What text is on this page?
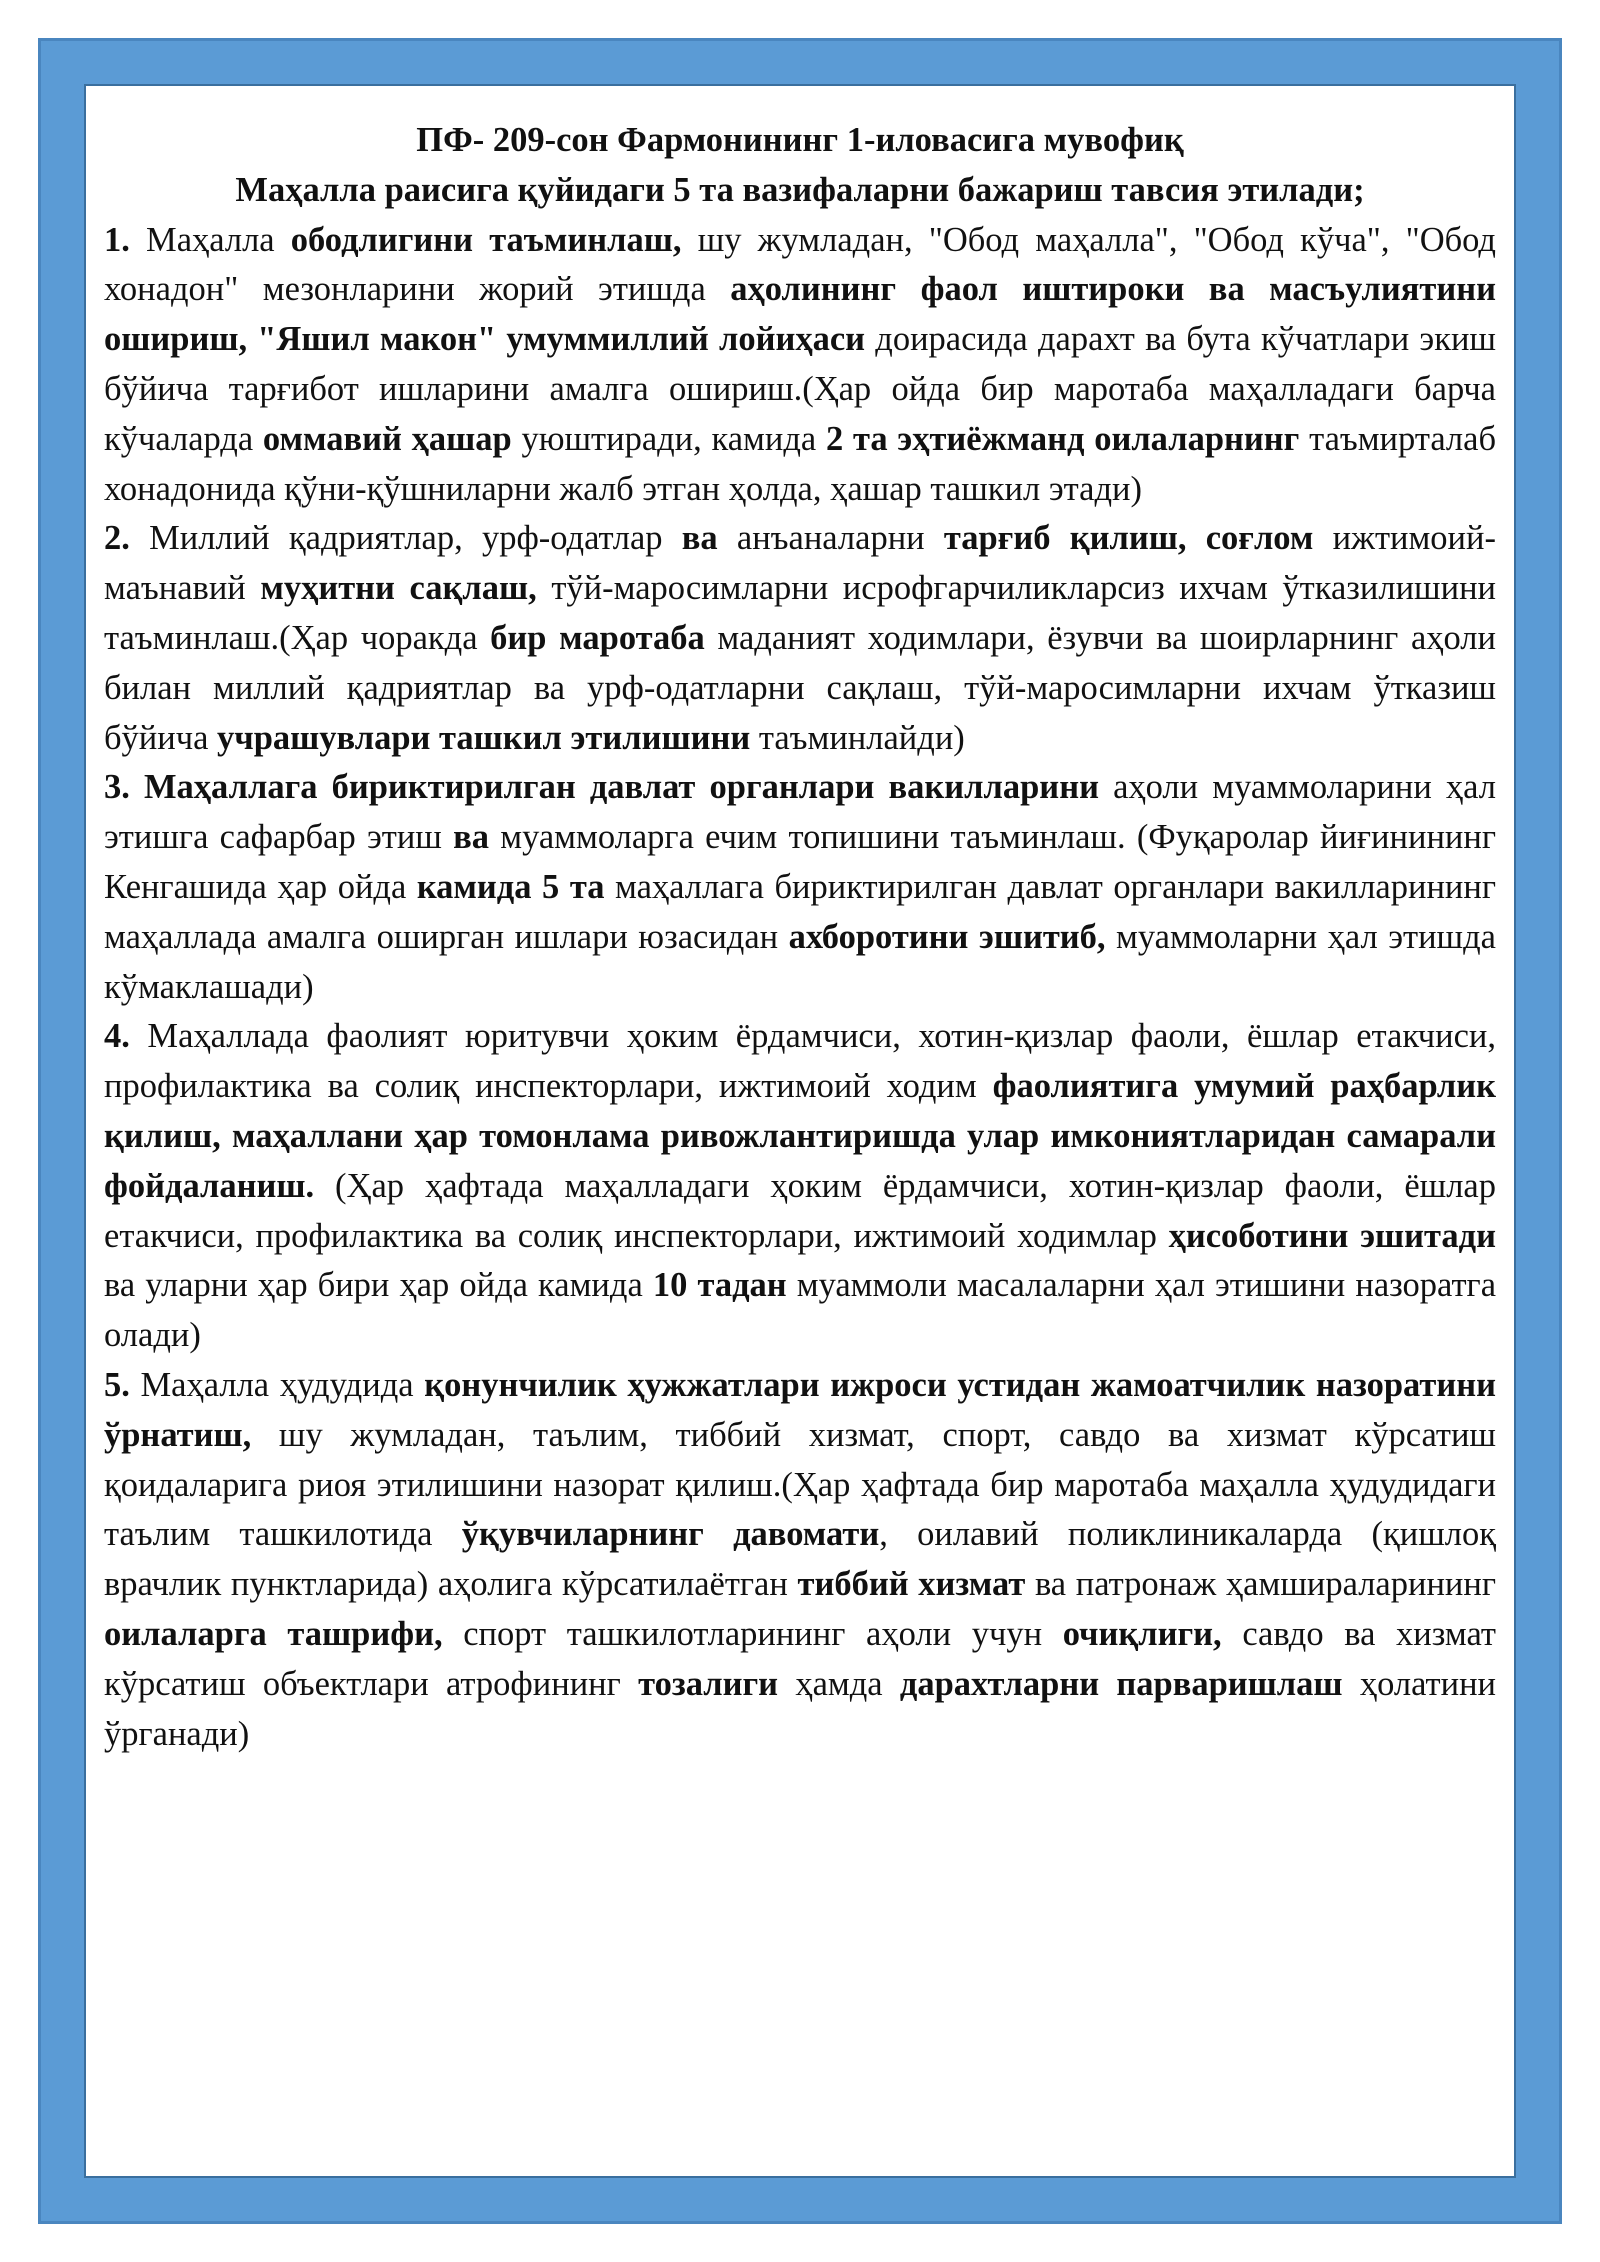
ПФ- 209-сон Фармонининг 1-иловасига мувофиқ
Маҳалла раисига қуйидаги 5 та вазифаларни бажариш тавсия этилади;

1. Маҳалла ободлигини таъминлаш, шу жумладан, "Обод маҳалла", "Обод кўча", "Обод хонадон" мезонларини жорий этишда аҳолининг фаол иштироки ва масъулиятини ошириш, "Яшил макон" умуммиллий лойиҳаси доирасида дарахт ва бута кўчатлари экиш бўйича тарғибот ишларини амалга ошириш.(Ҳар ойда бир маротаба маҳалладаги барча кўчаларда оммавий ҳашар уюштиради, камида 2 та эҳтиёжманд оилаларнинг таъмирталаб хонадонида қўни-қўшниларни жалб этган ҳолда, ҳашар ташкил этади)

2. Миллий қадриятлар, урф-одатлар ва анъаналарни тарғиб қилиш, соғлом ижтимоий-маънавий муҳитни сақлаш, тўй-маросимларни исрофгарчиликларсиз ихчам ўтказилишини таъминлаш.(Ҳар чоракда бир маротаба маданият ходимлари, ёзувчи ва шоирларнинг аҳоли билан миллий қадриятлар ва урф-одатларни сақлаш, тўй-маросимларни ихчам ўтказиш бўйича учрашувлари ташкил этилишини таъминлайди)

3. Маҳаллага бириктирилган давлат органлари вакилларини аҳоли муаммоларини ҳал этишга сафарбар этиш ва муаммоларга ечим топишини таъминлаш. (Фуқаролар йиғинининг Кенгашида ҳар ойда камида 5 та маҳаллага бириктирилган давлат органлари вакилларининг маҳаллада амалга оширган ишлари юзасидан ахборотини эшитиб, муаммоларни ҳал этишда кўмаклашади)

4. Маҳаллада фаолият юритувчи ҳоким ёрдамчиси, хотин-қизлар фаоли, ёшлар етакчиси, профилактика ва солиқ инспекторлари, ижтимоий ходим фаолиятига умумий раҳбарлик қилиш, маҳаллани ҳар томонлама ривожлантиришда улар имкониятларидан самарали фойдаланиш. (Ҳар ҳафтада маҳалладаги ҳоким ёрдамчиси, хотин-қизлар фаоли, ёшлар етакчиси, профилактика ва солиқ инспекторлари, ижтимоий ходимлар ҳисоботини эшитади ва уларни ҳар бири ҳар ойда камида 10 тадан муаммоли масалаларни ҳал этишини назоратга олади)

5. Маҳалла ҳудудида қонунчилик ҳужжатлари ижроси устидан жамоатчилик назоратини ўрнатиш, шу жумладан, таълим, тиббий хизмат, спорт, савдо ва хизмат кўрсатиш қоидаларига риоя этилишини назорат қилиш.(Ҳар ҳафтада бир маротаба маҳалла ҳудудидаги таълим ташкилотида ўқувчиларнинг давомати, оилавий поликлиникаларда (қишлоқ врачлик пунктларида) аҳолига кўрсатилаётган тиббий хизмат ва патронаж ҳамшираларининг оилаларга ташрифи, спорт ташкилотларининг аҳоли учун очиқлиги, савдо ва хизмат кўрсатиш объектлари атрофининг тозалиги ҳамда дарахтларни парваришлаш ҳолатини ўрганади)
